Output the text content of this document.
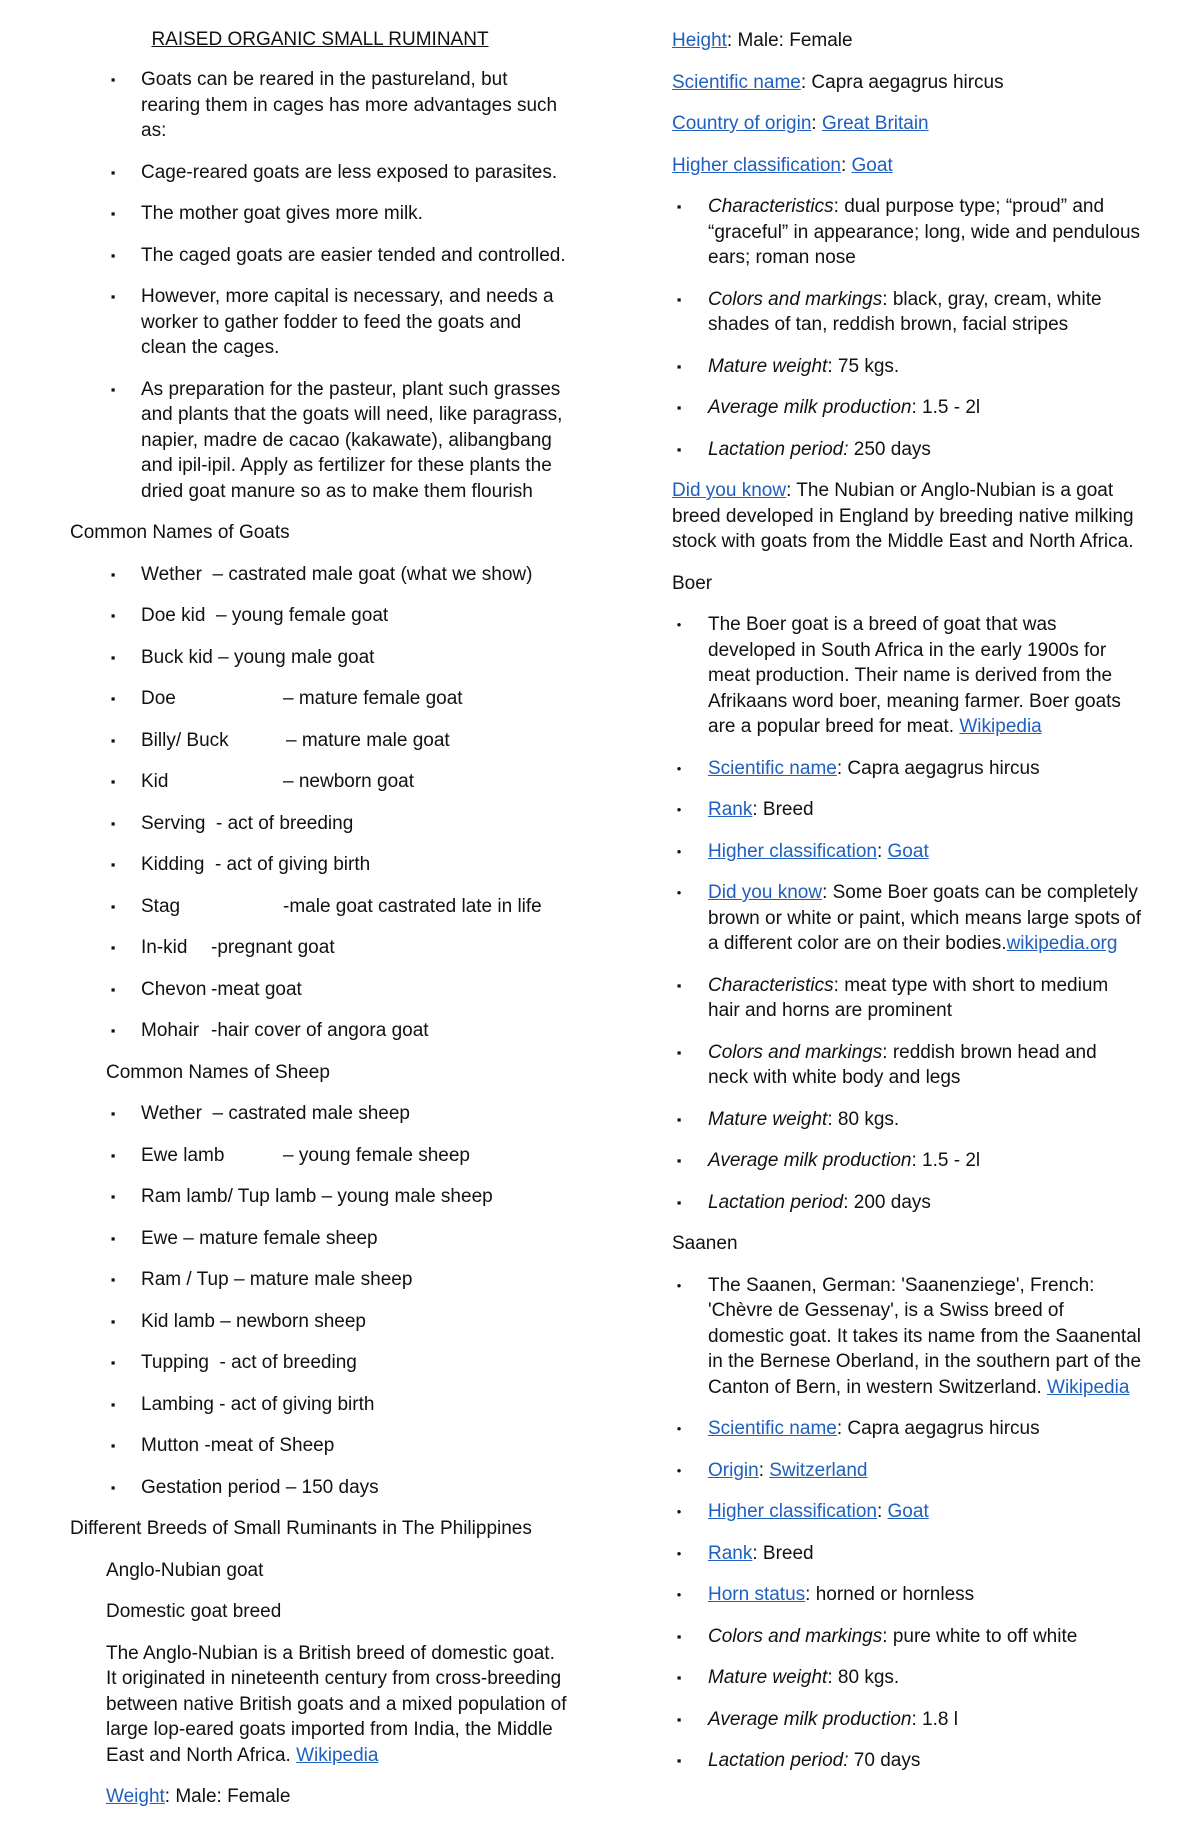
RAISED ORGANIC SMALL RUMINANT
▪ Goats can be reared in the pastureland, but rearing them in cages has more advantages such as:
▪ Cage-reared goats are less exposed to parasites.
▪ The mother goat gives more milk.
▪ The caged goats are easier tended and controlled.
▪ However, more capital is necessary, and needs a worker to gather fodder to feed the goats and clean the cages.
▪ As preparation for the pasteur, plant such grasses and plants that the goats will need, like paragrass, napier, madre de cacao (kakawate), alibangbang and ipil-ipil. Apply as fertilizer for these plants the dried goat manure so as to make them flourish
Common Names of Goats
▪ Wether – castrated male goat (what we show)
▪ Doe kid – young female goat
▪ Buck kid – young male goat
▪ Doe	– mature female goat
▪ Billy/ Buck	– mature male goat
▪ Kid	– newborn goat
▪ Serving - act of breeding
▪ Kidding - act of giving birth
▪ Stag	-male goat castrated late in life
▪ In-kid -pregnant goat
▪ Chevon -meat goat
▪ Mohair -hair cover of angora goat
Common Names of Sheep
▪ Wether – castrated male sheep
▪ Ewe lamb	– young female sheep
▪ Ram lamb/ Tup lamb – young male sheep
▪ Ewe – mature female sheep
▪ Ram / Tup – mature male sheep
▪ Kid lamb – newborn sheep
▪ Tupping - act of breeding
▪ Lambing - act of giving birth
▪ Mutton -meat of Sheep
▪ Gestation period – 150 days
Different Breeds of Small Ruminants in The Philippines

Anglo-Nubian goat

Domestic goat breed

The Anglo-Nubian is a British breed of domestic goat. It originated in nineteenth century from cross-breeding between native British goats and a mixed population of large lop-eared goats imported from India, the Middle East and North Africa. Wikipedia

Weight: Male: Female

Height: Male: Female

Scientific name: Capra aegagrus hircus

Country of origin: Great Britain

Higher classification: Goat

▪ Characteristics: dual purpose type; “proud” and “graceful” in appearance; long, wide and pendulous ears; roman nose
▪ Colors and markings: black, gray, cream, white shades of tan, reddish brown, facial stripes
▪ Mature weight: 75 kgs.
▪ Average milk production: 1.5 - 2l
▪ Lactation period: 250 days

Did you know: The Nubian or Anglo-Nubian is a goat breed developed in England by breeding native milking stock with goats from the Middle East and North Africa.

Boer
• The Boer goat is a breed of goat that was developed in South Africa in the early 1900s for meat production. Their name is derived from the Afrikaans word boer, meaning farmer. Boer goats are a popular breed for meat. Wikipedia
• Scientific name: Capra aegagrus hircus
• Rank: Breed
• Higher classification: Goat
• Did you know: Some Boer goats can be completely brown or white or paint, which means large spots of a different color are on their bodies.wikipedia.org
▪ Characteristics: meat type with short to medium hair and horns are prominent
▪ Colors and markings: reddish brown head and neck with white body and legs
▪ Mature weight: 80 kgs.
▪ Average milk production: 1.5 - 2l
▪ Lactation period: 200 days
Saanen
• The Saanen, German: 'Saanenziege', French: 'Chèvre de Gessenay', is a Swiss breed of domestic goat. It takes its name from the Saanental in the Bernese Oberland, in the southern part of the Canton of Bern, in western Switzerland. Wikipedia
• Scientific name: Capra aegagrus hircus
• Origin: Switzerland
• Higher classification: Goat
• Rank: Breed
• Horn status: horned or hornless
▪ Colors and markings: pure white to off white
▪ Mature weight: 80 kgs.
▪ Average milk production: 1.8 l
▪ Lactation period: 70 days
